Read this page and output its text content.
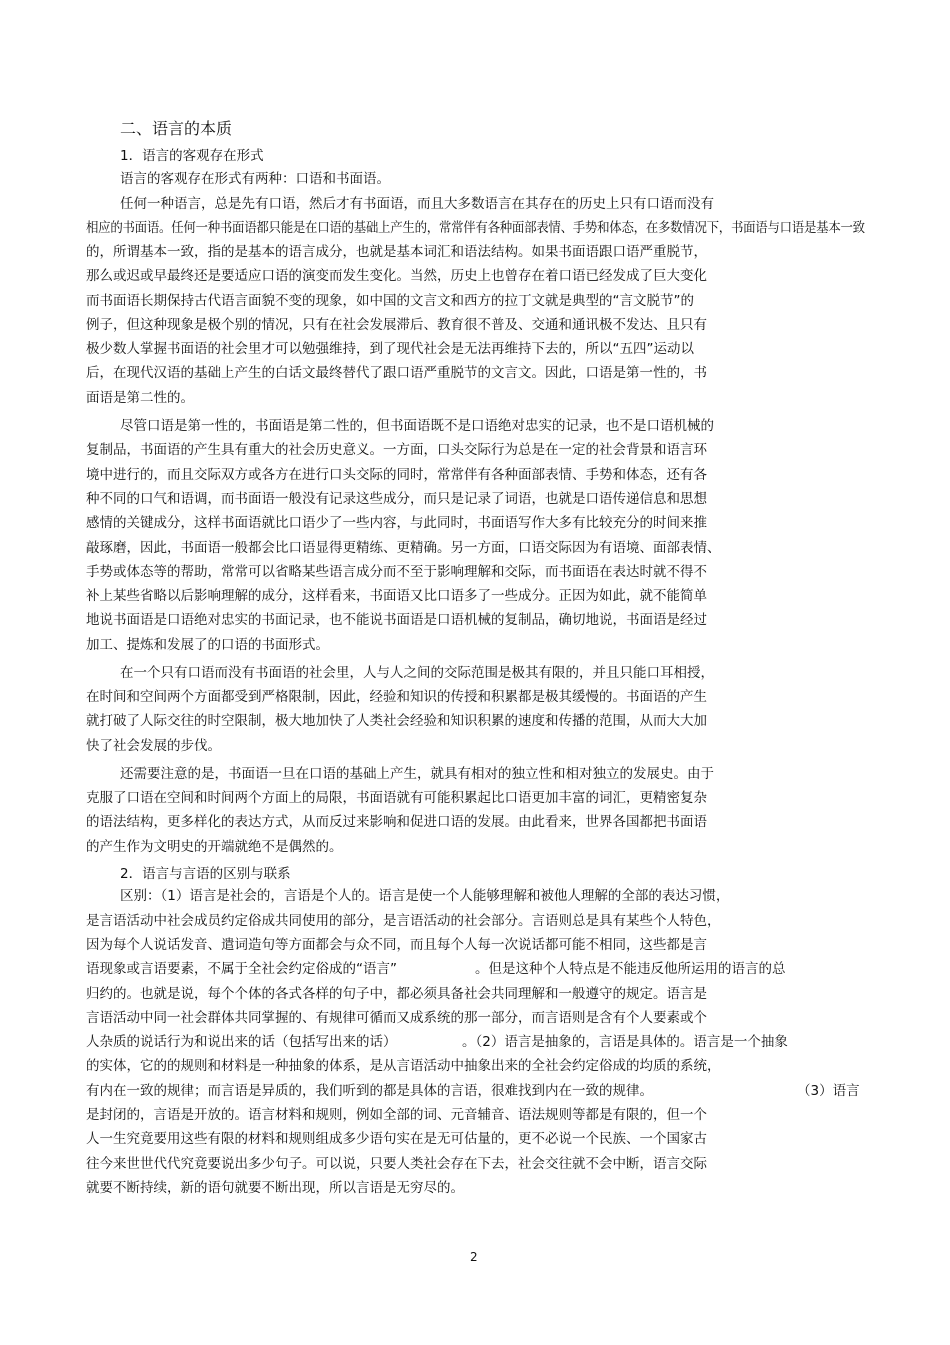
二、语言的本质
1．语言的客观存在形式
语言的客观存在形式有两种：口语和书面语。
任何一种语言，总是先有口语，然后才有书面语，而且大多数语言在其存在的历史上只有口语而没有
相应的书面语。任何一种书面语都只能是在口语的基础上产生的，常常伴有各种面部表情、手势和体态，在多数情况下，书面语与口语是基本一致
的，所谓基本一致，指的是基本的语言成分，也就是基本词汇和语法结构。如果书面语跟口语严重脱节，
那么或迟或早最终还是要适应口语的演变而发生变化。当然，历史上也曾存在着口语已经发成了巨大变化
而书面语长期保持古代语言面貌不变的现象，如中国的文言文和西方的拉丁文就是典型的“言文脱节”的
例子，但这种现象是极个别的情况，只有在社会发展滞后、教育很不普及、交通和通讯极不发达、且只有
极少数人掌握书面语的社会里才可以勉强维持，到了现代社会是无法再维持下去的，所以“五四”运动以
后，在现代汉语的基础上产生的白话文最终替代了跟口语严重脱节的文言文。因此，口语是第一性的，书
面语是第二性的。
尽管口语是第一性的，书面语是第二性的，但书面语既不是口语绝对忠实的记录，也不是口语机械的
复制品，书面语的产生具有重大的社会历史意义。一方面，口头交际行为总是在一定的社会背景和语言环
境中进行的，而且交际双方或各方在进行口头交际的同时，常常伴有各种面部表情、手势和体态，还有各
种不同的口气和语调，而书面语一般没有记录这些成分，而只是记录了词语，也就是口语传递信息和思想
感情的关键成分，这样书面语就比口语少了一些内容，与此同时，书面语写作大多有比较充分的时间来推
敲琢磨，因此，书面语一般都会比口语显得更精练、更精确。另一方面，口语交际因为有语境、面部表情、
手势或体态等的帮助，常常可以省略某些语言成分而不至于影响理解和交际，而书面语在表达时就不得不
补上某些省略以后影响理解的成分，这样看来，书面语又比口语多了一些成分。正因为如此，就不能简单
地说书面语是口语绝对忠实的书面记录，也不能说书面语是口语机械的复制品，确切地说，书面语是经过
加工、提炼和发展了的口语的书面形式。
在一个只有口语而没有书面语的社会里，人与人之间的交际范围是极其有限的，并且只能口耳相授，
在时间和空间两个方面都受到严格限制，因此，经验和知识的传授和积累都是极其缓慢的。书面语的产生
就打破了人际交往的时空限制，极大地加快了人类社会经验和知识积累的速度和传播的范围，从而大大加
快了社会发展的步伐。
还需要注意的是，书面语一旦在口语的基础上产生，就具有相对的独立性和相对独立的发展史。由于
克服了口语在空间和时间两个方面上的局限，书面语就有可能积累起比口语更加丰富的词汇，更精密复杂
的语法结构，更多样化的表达方式，从而反过来影响和促进口语的发展。由此看来，世界各国都把书面语
的产生作为文明史的开端就绝不是偶然的。
2．语言与言语的区别与联系
区别：（1）语言是社会的，言语是个人的。语言是使一个人能够理解和被他人理解的全部的表达习惯，
是言语活动中社会成员约定俗成共同使用的部分，是言语活动的社会部分。言语则总是具有某些个人特色，
因为每个人说话发音、遣词造句等方面都会与众不同，而且每个人每一次说话都可能不相同，这些都是言
语现象或言语要素，不属于全社会约定俗成的“语言”	。但是这种个人特点是不能违反他所运用的语言的总
归约的。也就是说，每个个体的各式各样的句子中，都必须具备社会共同理解和一般遵守的规定。语言是
言语活动中同一社会群体共同掌握的、有规律可循而又成系统的那一部分，而言语则是含有个人要素或个
人杂质的说话行为和说出来的话（包括写出来的话）	。（2）语言是抽象的，言语是具体的。语言是一个抽象
的实体，它的的规则和材料是一种抽象的体系，是从言语活动中抽象出来的全社会约定俗成的均质的系统，
有内在一致的规律；而言语是异质的，我们听到的都是具体的言语，很难找到内在一致的规律。	（3）语言
是封闭的，言语是开放的。语言材料和规则，例如全部的词、元音辅音、语法规则等都是有限的，但一个
人一生究竟要用这些有限的材料和规则组成多少语句实在是无可估量的，更不必说一个民族、一个国家古
往今来世世代代究竟要说出多少句子。可以说，只要人类社会存在下去，社会交往就不会中断，语言交际
就要不断持续，新的语句就要不断出现，所以言语是无穷尽的。
2
